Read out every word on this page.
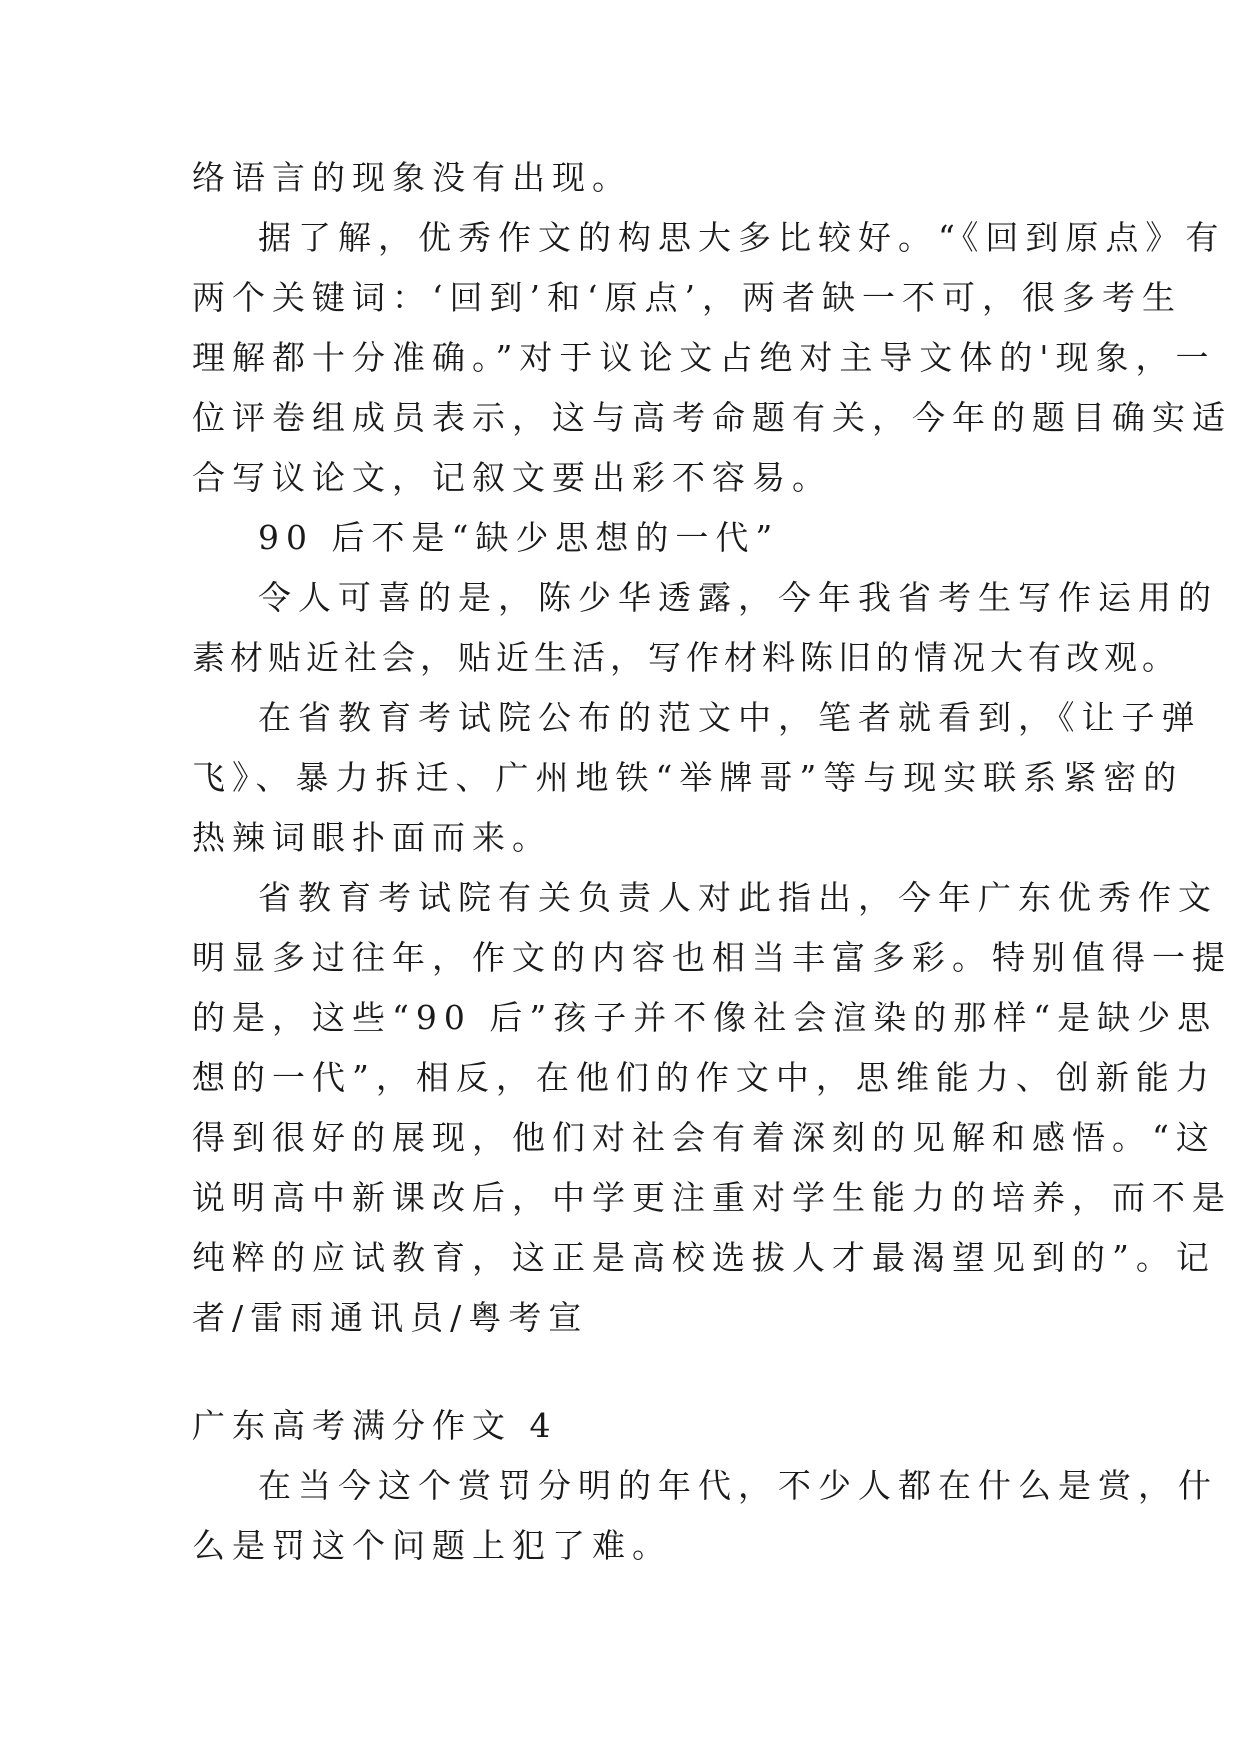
络语言的现象没有出现。

据了解，优秀作文的构思大多比较好。“《回到原点》有

两个关键词：‘回到’和‘原点’，两者缺一不可，很多考生

理解都十分准确。”对于议论文占绝对主导文体的'现象，一

位评卷组成员表示，这与高考命题有关，今年的题目确实适

合写议论文，记叙文要出彩不容易。

90 后不是“缺少思想的一代”

令人可喜的是，陈少华透露，今年我省考生写作运用的

素材贴近社会，贴近生活，写作材料陈旧的情况大有改观。

在省教育考试院公布的范文中，笔者就看到，《让子弹

飞》、暴力拆迁、广州地铁“举牌哥”等与现实联系紧密的

热辣词眼扑面而来。

省教育考试院有关负责人对此指出，今年广东优秀作文

明显多过往年，作文的内容也相当丰富多彩。特别值得一提

的是，这些“90 后”孩子并不像社会渲染的那样“是缺少思

想的一代”，相反，在他们的作文中，思维能力、创新能力

得到很好的展现，他们对社会有着深刻的见解和感悟。“这

说明高中新课改后，中学更注重对学生能力的培养，而不是

纯粹的应试教育，这正是高校选拔人才最渴望见到的”。记

者/雷雨通讯员/粤考宣

广东高考满分作文 4

在当今这个赏罚分明的年代，不少人都在什么是赏，什

么是罚这个问题上犯了难。
